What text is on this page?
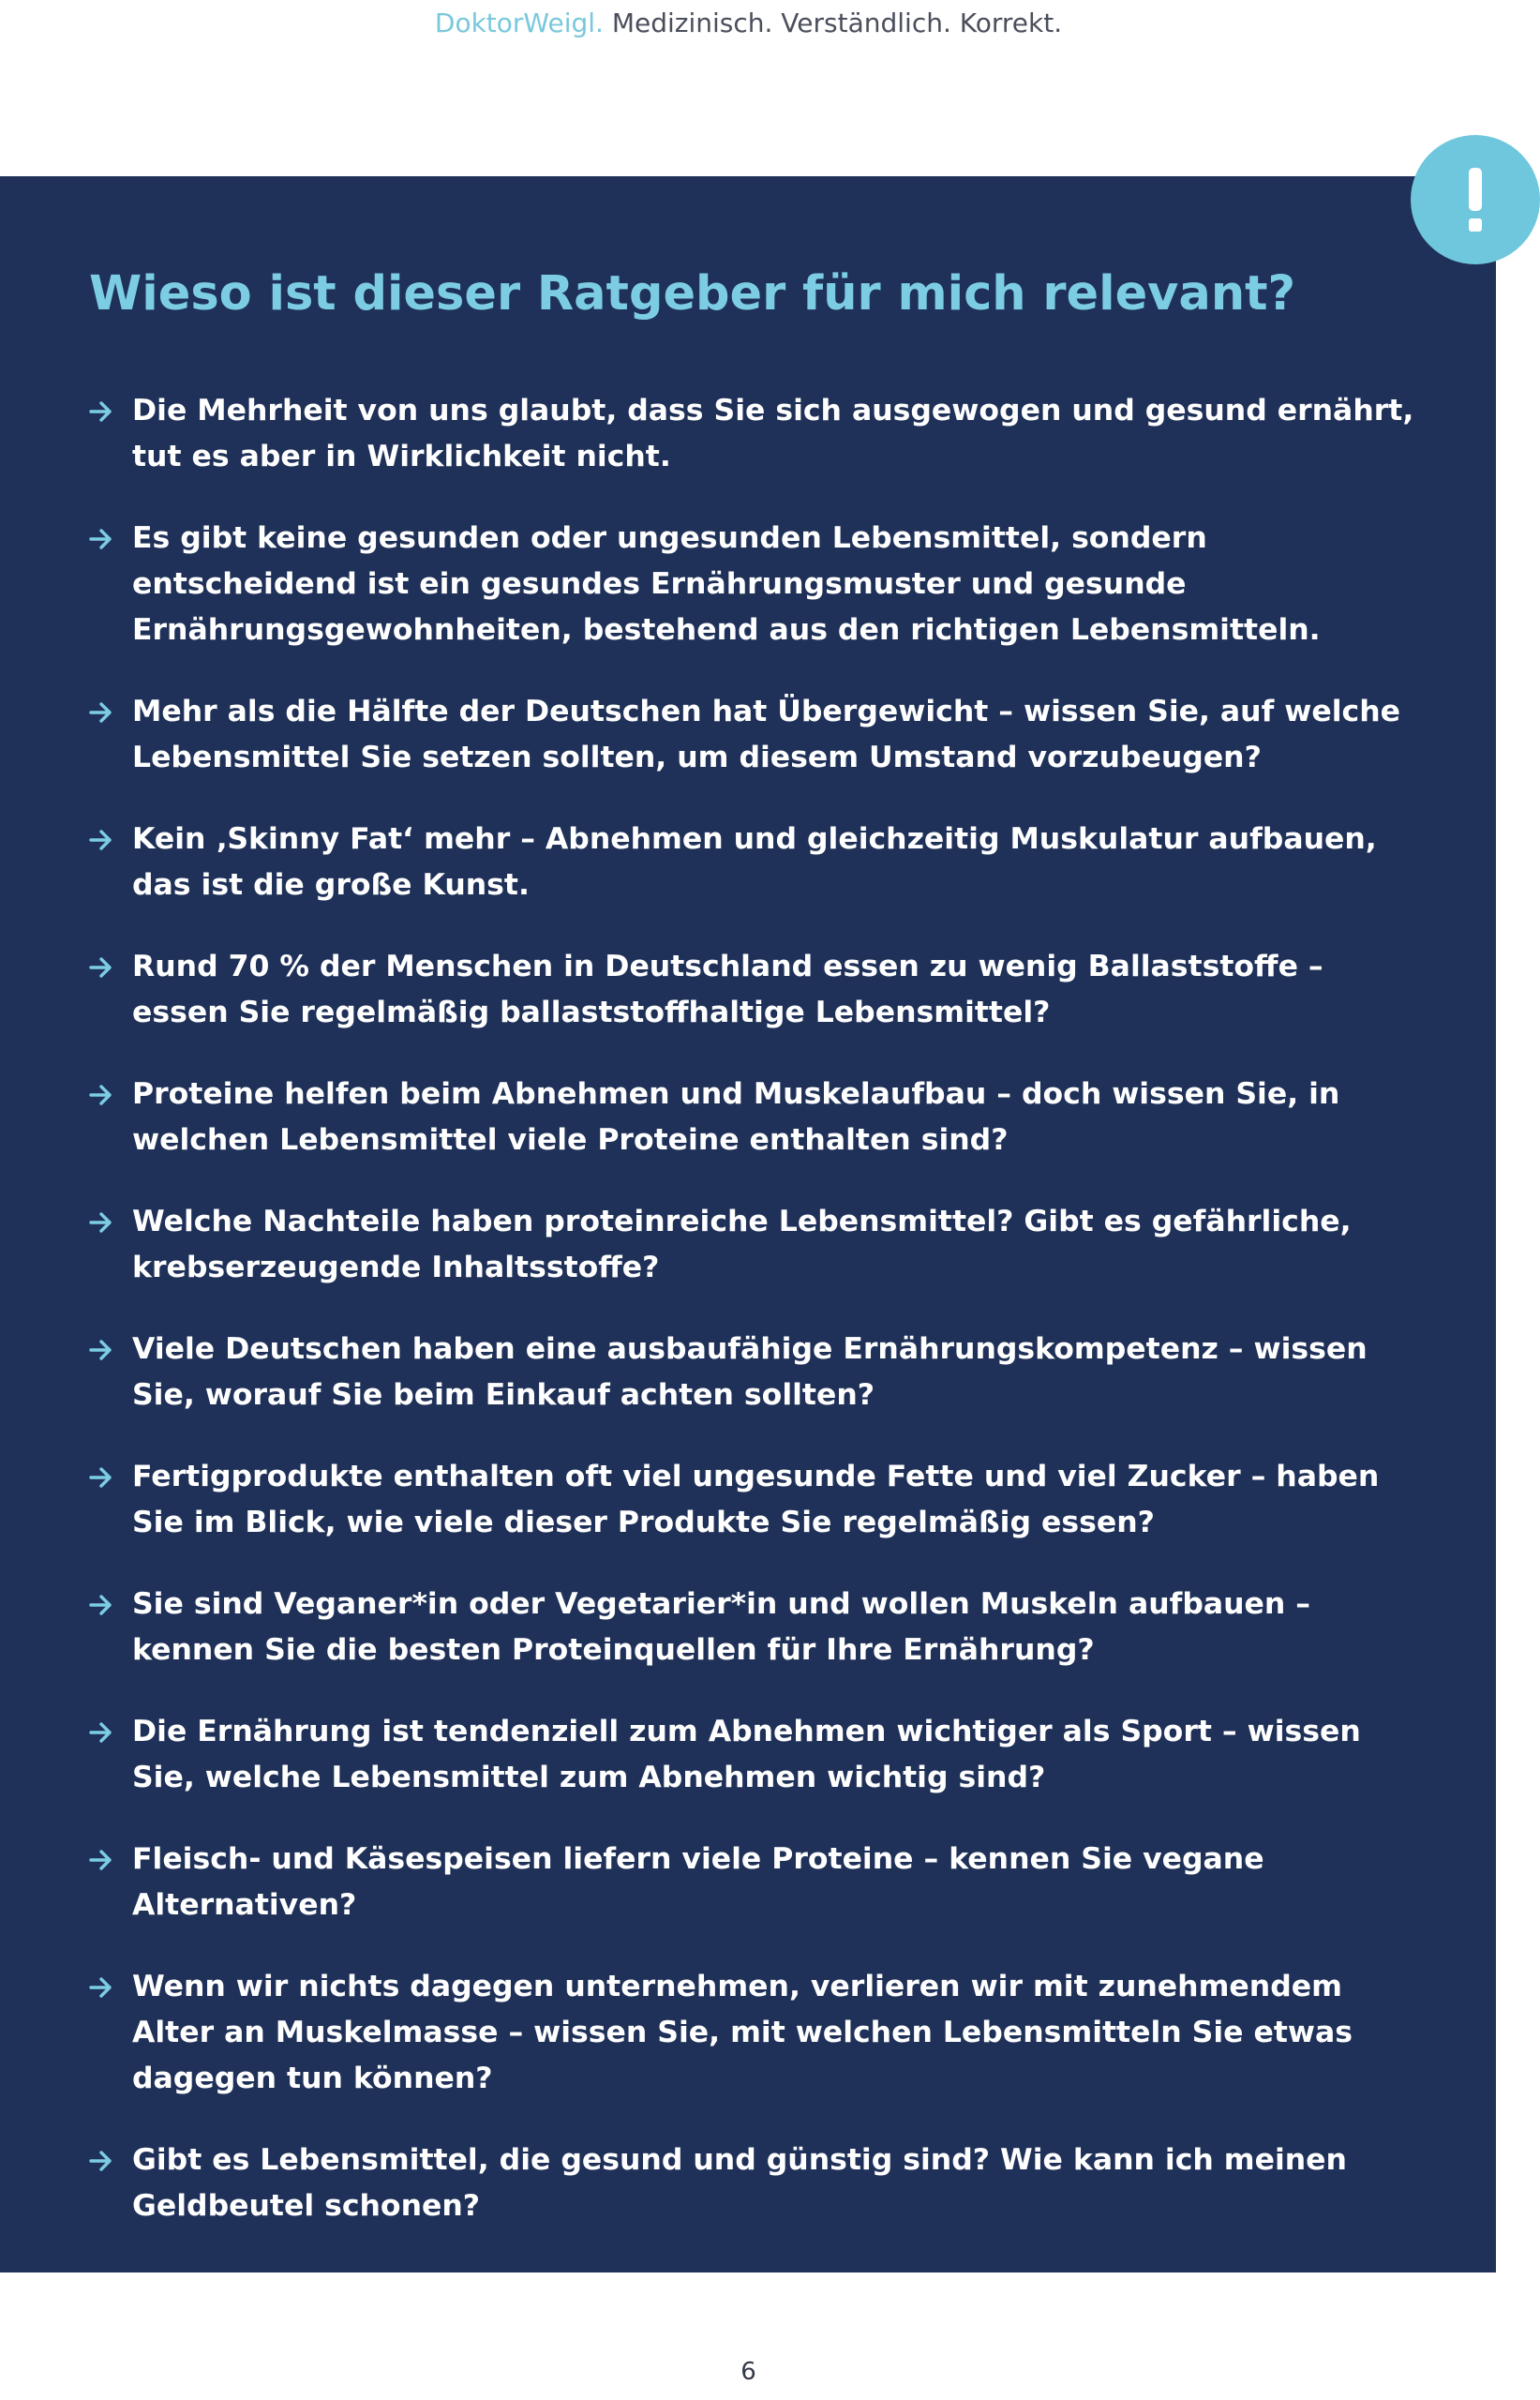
DoktorWeigl. Medizinisch. Verständlich. Korrekt.
Wieso ist dieser Ratgeber für mich relevant?
Die Mehrheit von uns glaubt, dass Sie sich ausgewogen und gesund ernährt, tut es aber in Wirklichkeit nicht.
Es gibt keine gesunden oder ungesunden Lebensmittel, sondern entscheidend ist ein gesundes Ernährungsmuster und gesunde Ernährungsgewohnheiten, bestehend aus den richtigen Lebensmitteln.
Mehr als die Hälfte der Deutschen hat Übergewicht – wissen Sie, auf welche Lebensmittel Sie setzen sollten, um diesem Umstand vorzubeugen?
Kein ‚Skinny Fat‘ mehr – Abnehmen und gleichzeitig Muskulatur aufbauen, das ist die große Kunst.
Rund 70 % der Menschen in Deutschland essen zu wenig Ballaststoffe – essen Sie regelmäßig ballaststoffhaltige Lebensmittel?
Proteine helfen beim Abnehmen und Muskelaufbau – doch wissen Sie, in welchen Lebensmittel viele Proteine enthalten sind?
Welche Nachteile haben proteinreiche Lebensmittel? Gibt es gefährliche, krebserzeugende Inhaltsstoffe?
Viele Deutschen haben eine ausbaufähige Ernährungskompetenz – wissen Sie, worauf Sie beim Einkauf achten sollten?
Fertigprodukte enthalten oft viel ungesunde Fette und viel Zucker – haben Sie im Blick, wie viele dieser Produkte Sie regelmäßig essen?
Sie sind Veganer*in oder Vegetarier*in und wollen Muskeln aufbauen – kennen Sie die besten Proteinquellen für Ihre Ernährung?
Die Ernährung ist tendenziell zum Abnehmen wichtiger als Sport – wissen Sie, welche Lebensmittel zum Abnehmen wichtig sind?
Fleisch- und Käsespeisen liefern viele Proteine – kennen Sie vegane Alternativen?
Wenn wir nichts dagegen unternehmen, verlieren wir mit zunehmendem Alter an Muskelmasse – wissen Sie, mit welchen Lebensmitteln Sie etwas dagegen tun können?
Gibt es Lebensmittel, die gesund und günstig sind? Wie kann ich meinen Geldbeutel schonen?
6
